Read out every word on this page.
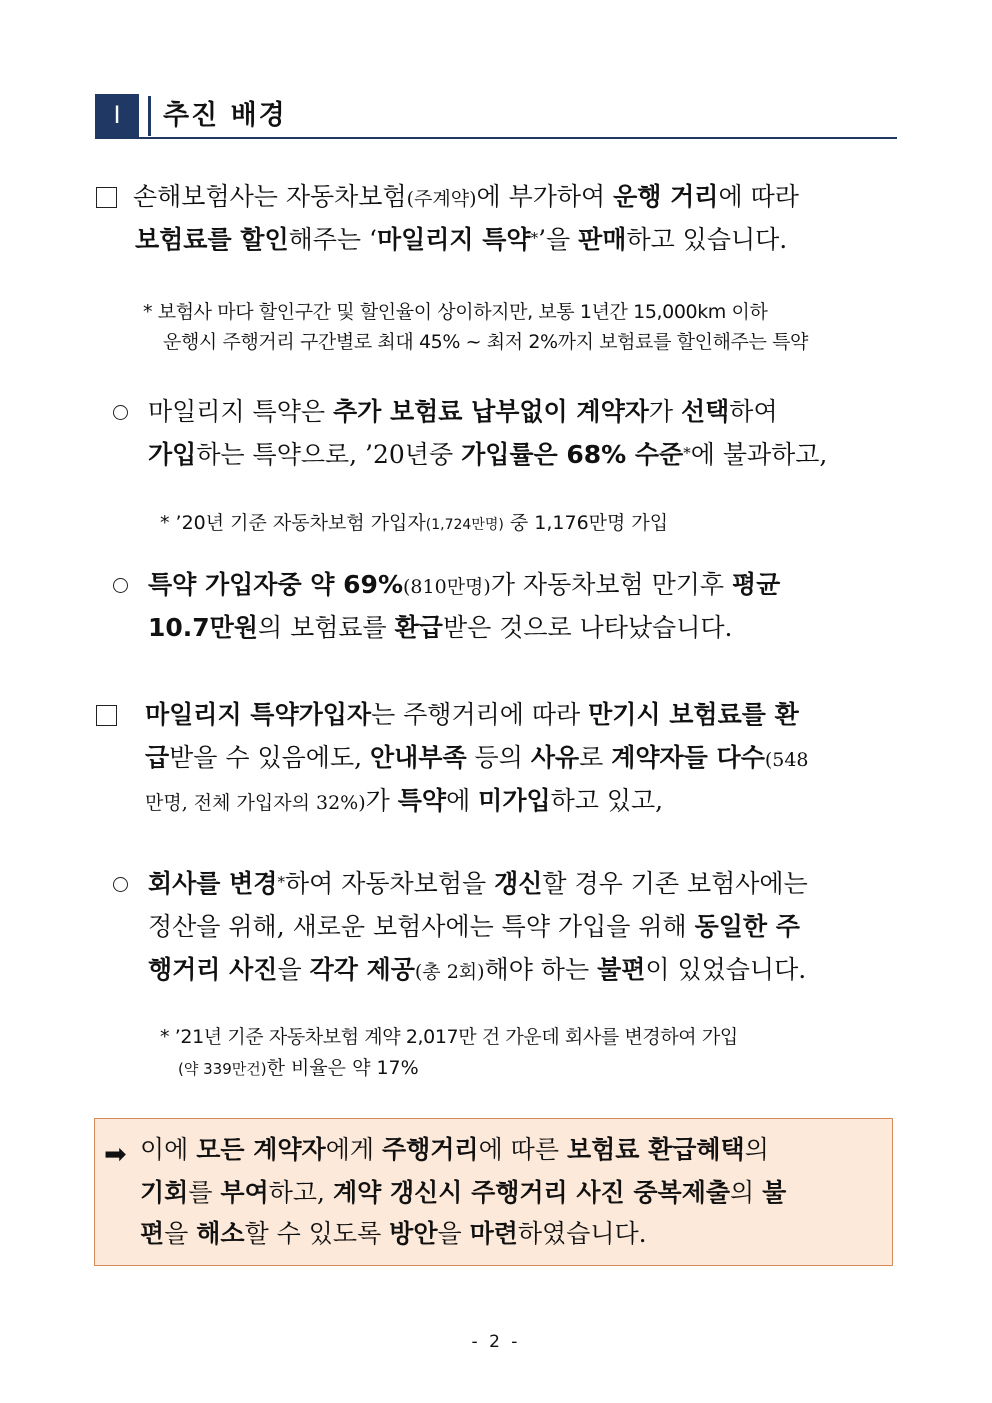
Ⅰ	추진 배경
손해보험사는 자동차보험(주계약)에 부가하여 운행 거리에 따라
보험료를 할인해주는 ‘마일리지 특약*’을 판매하고 있습니다.
* 보험사 마다 할인구간 및 할인율이 상이하지만, 보통 1년간 15,000km 이하
운행시 주행거리 구간별로 최대 45% ~ 최저 2%까지 보험료를 할인해주는 특약
마일리지 특약은 추가 보험료 납부없이 계약자가 선택하여
가입하는 특약으로, ’20년중 가입률은 68% 수준*에 불과하고,
* ’20년 기준 자동차보험 가입자(1,724만명) 중 1,176만명 가입
특약 가입자중 약 69%(810만명)가 자동차보험 만기후 평균
10.7만원의 보험료를 환급받은 것으로 나타났습니다.
마일리지 특약가입자는 주행거리에 따라 만기시 보험료를 환
급받을 수 있음에도, 안내부족 등의 사유로 계약자들 다수(548
만명, 전체 가입자의 32%)가 특약에 미가입하고 있고,
회사를 변경*하여 자동차보험을 갱신할 경우 기존 보험사에는
정산을 위해, 새로운 보험사에는 특약 가입을 위해 동일한 주
행거리 사진을 각각 제공(총 2회)해야 하는 불편이 있었습니다.
* ’21년 기준 자동차보험 계약 2,017만 건 가운데 회사를 변경하여 가입
(약 339만건)한 비율은 약 17%
➡ 이에 모든 계약자에게 주행거리에 따른 보험료 환급혜택의
기회를 부여하고, 계약 갱신시 주행거리 사진 중복제출의 불
편을 해소할 수 있도록 방안을 마련하였습니다.
- 2 -
